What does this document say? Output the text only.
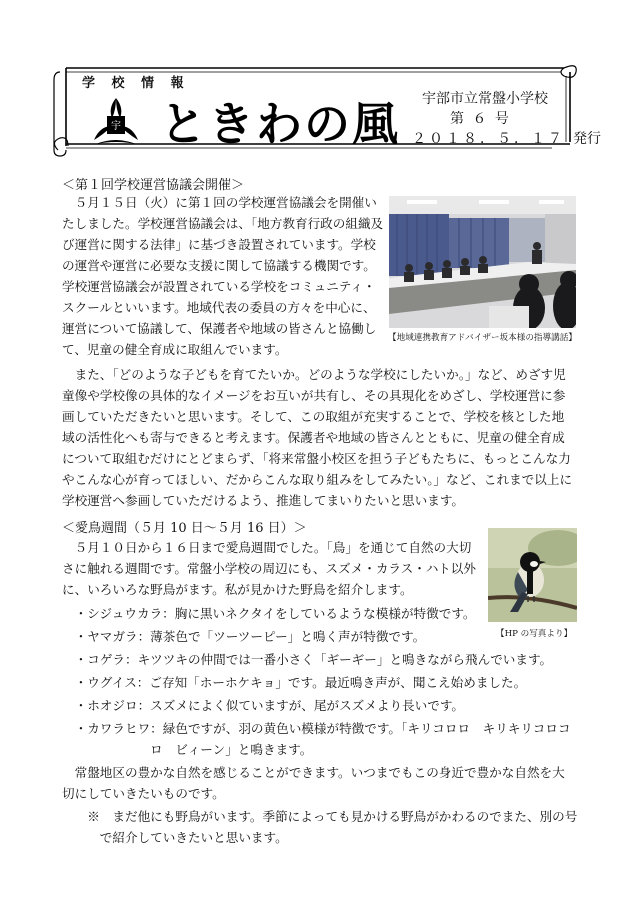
学 校 情 報
宇 ときわの風 宇部市立常盤小学校
第 ６ 号
２０１８．５．１７ 発行
＜第１回学校運営協議会開催＞
　５月１５日（火）に第１回の学校運営協議会を開催い
たしました。学校運営協議会は、「地方教育行政の組織及
び運営に関する法律」に基づき設置されています。学校
の運営や運営に必要な支援に関して協議する機関です。
学校運営協議会が設置されている学校をコミュニティ・
スクールといいます。地域代表の委員の方々を中心に、
運営について協議して、保護者や地域の皆さんと協働し
て、児童の健全育成に取組んでいます。
　また、「どのような子どもを育てたいか。どのような学校にしたいか。」など、めざす児
童像や学校像の具体的なイメージをお互いが共有し、その具現化をめざし、学校運営に参
画していただきたいと思います。そして、この取組が充実することで、学校を核とした地
域の活性化へも寄与できると考えます。保護者や地域の皆さんとともに、児童の健全育成
について取組むだけにとどまらず、「将来常盤小校区を担う子どもたちに、もっとこんな力
やこんな心が育ってほしい、だからこんな取り組みをしてみたい。」など、これまで以上に
学校運営へ参画していただけるよう、推進してまいりたいと思います。
【地域連携教育アドバイザー坂本様の指導講話】
＜愛鳥週間（５月 10 日～５月 16 日）＞
　５月１０日から１６日まで愛鳥週間でした。「鳥」を通じて自然の大切
さに触れる週間です。常盤小学校の周辺にも、スズメ・カラス・ハト以外
に、いろいろな野鳥がます。私が見かけた野鳥を紹介します。
　・シジュウカラ：胸に黒いネクタイをしているような模様が特徴です。
　・ヤマガラ：薄茶色で「ツーツーピー」と鳴く声が特徴です。
　・コゲラ：キツツキの仲間では一番小さく「ギーギー」と鳴きながら飛んでいます。
　・ウグイス：ご存知「ホーホケキョ」です。最近鳴き声が、聞こえ始めました。
　・ホオジロ：スズメによく似ていますが、尾がスズメより長いです。
　・カワラヒワ：緑色ですが、羽の黄色い模様が特徴です。「キリコロロ　キリキリコロコ
　　　　　　　ロ　ビィーン」と鳴きます。
　常盤地区の豊かな自然を感じることができます。いつまでもこの身近で豊かな自然を大
切にしていきたいものです。
　　※　まだ他にも野鳥がいます。季節によっても見かける野鳥がかわるのでまた、別の号
　　　で紹介していきたいと思います。
【HP の写真より】
